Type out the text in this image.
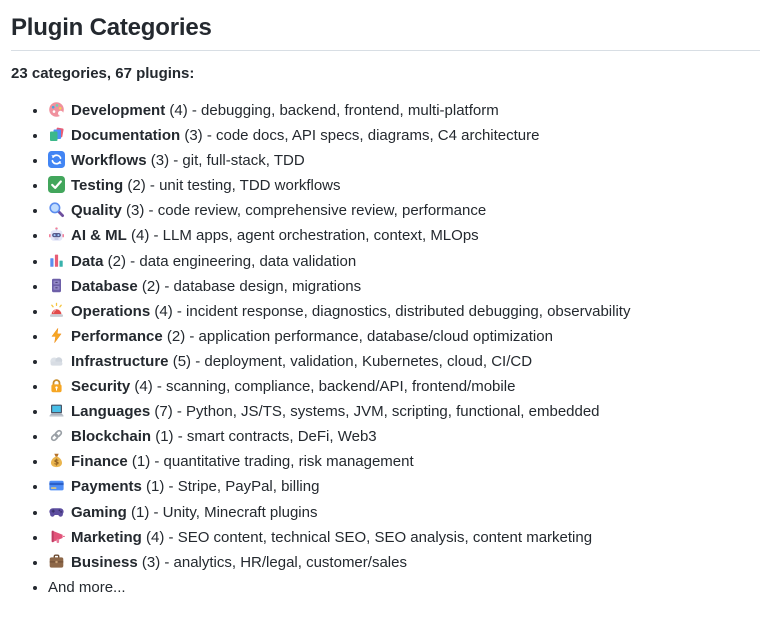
Plugin Categories

23 categories, 67 plugins:

• Development (4) - debugging, backend, frontend, multi-platform
• Documentation (3) - code docs, API specs, diagrams, C4 architecture
• Workflows (3) - git, full-stack, TDD
• Testing (2) - unit testing, TDD workflows
• Quality (3) - code review, comprehensive review, performance
• AI & ML (4) - LLM apps, agent orchestration, context, MLOps
• Data (2) - data engineering, data validation
• Database (2) - database design, migrations
• Operations (4) - incident response, diagnostics, distributed debugging, observability
• Performance (2) - application performance, database/cloud optimization
• Infrastructure (5) - deployment, validation, Kubernetes, cloud, CI/CD
• Security (4) - scanning, compliance, backend/API, frontend/mobile
• Languages (7) - Python, JS/TS, systems, JVM, scripting, functional, embedded
• Blockchain (1) - smart contracts, DeFi, Web3
• $ Finance (1) - quantitative trading, risk management
• Payments (1) - Stripe, PayPal, billing
• Gaming (1) - Unity, Minecraft plugins
• Marketing (4) - SEO content, technical SEO, SEO analysis, content marketing
• Business (3) - analytics, HR/legal, customer/sales
• And more...
